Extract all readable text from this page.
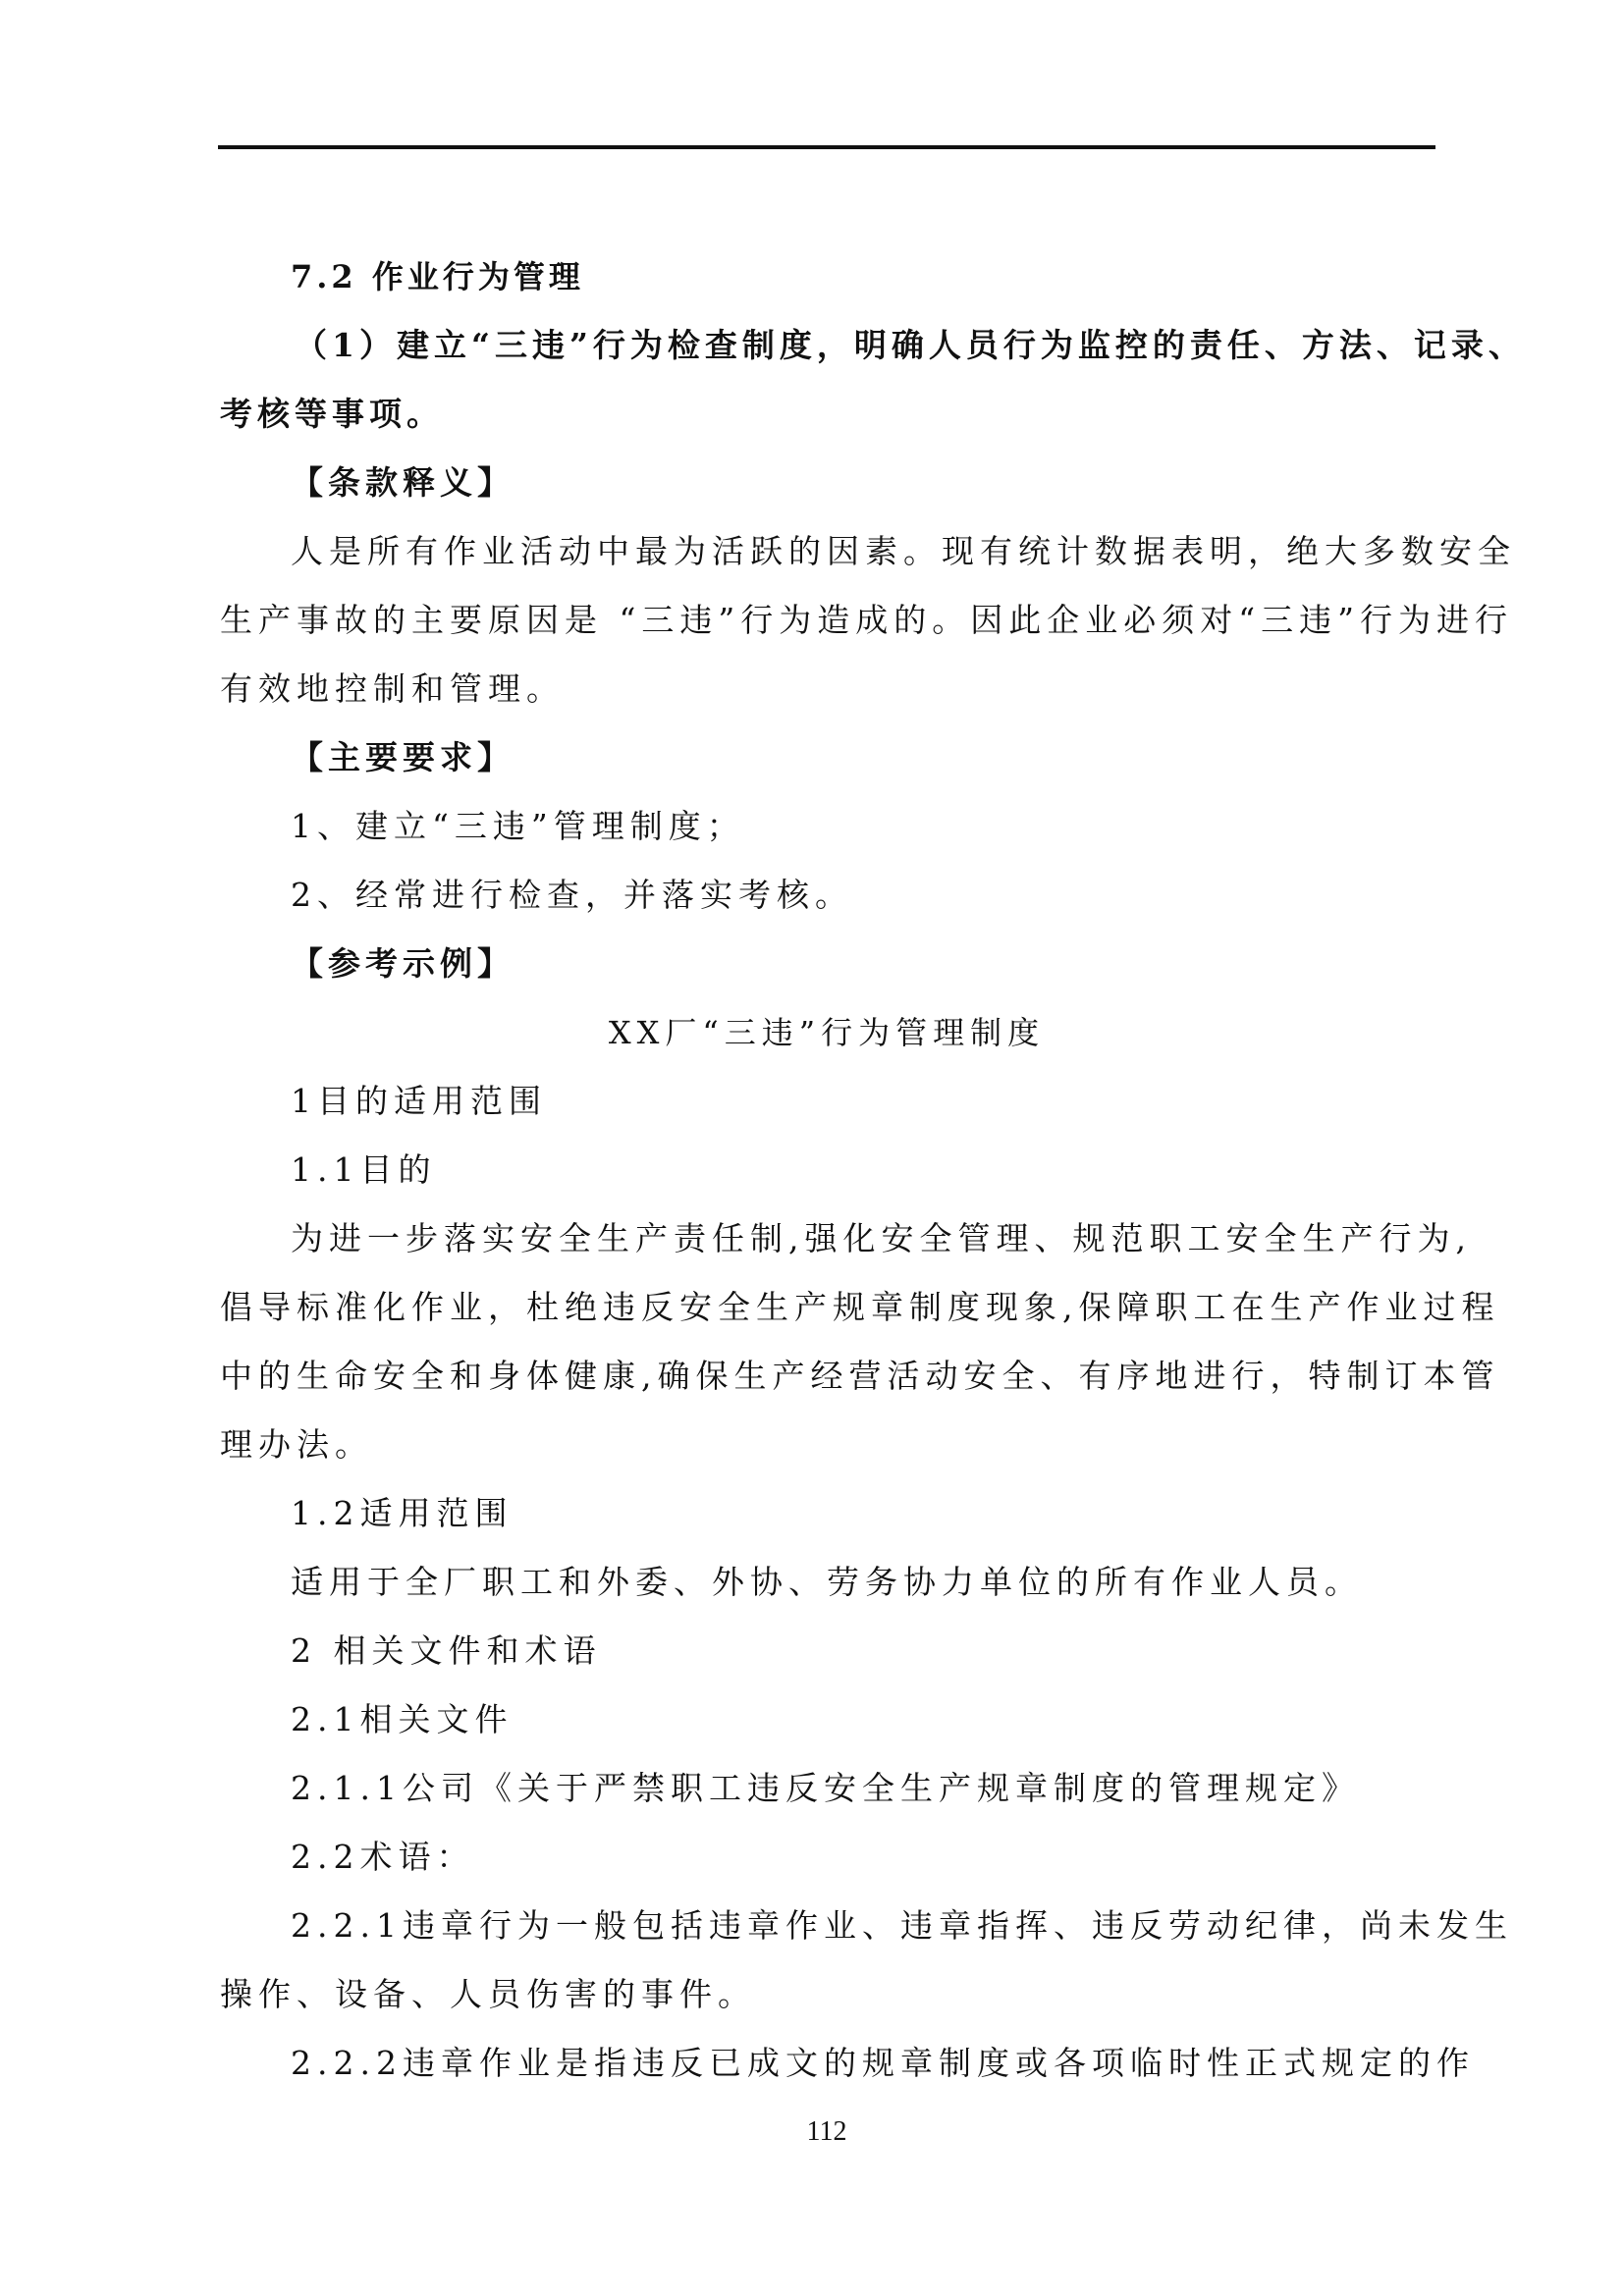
7.2 作业行为管理
（1）建立“三违”行为检查制度，明确人员行为监控的责任、方法、记录、
考核等事项。
【条款释义】
人是所有作业活动中最为活跃的因素。现有统计数据表明，绝大多数安全
生产事故的主要原因是 “三违”行为造成的。因此企业必须对“三违”行为进行
有效地控制和管理。
【主要要求】
1、建立“三违”管理制度；
2、经常进行检查，并落实考核。
【参考示例】
XX厂“三违”行为管理制度
1目的适用范围
1.1目的
为进一步落实安全生产责任制,强化安全管理、规范职工安全生产行为,
倡导标准化作业，杜绝违反安全生产规章制度现象,保障职工在生产作业过程
中的生命安全和身体健康,确保生产经营活动安全、有序地进行，特制订本管
理办法。
1.2适用范围
适用于全厂职工和外委、外协、劳务协力单位的所有作业人员。
2 相关文件和术语
2.1相关文件
2.1.1公司《关于严禁职工违反安全生产规章制度的管理规定》
2.2术语：
2.2.1违章行为一般包括违章作业、违章指挥、违反劳动纪律，尚未发生
操作、设备、人员伤害的事件。
2.2.2违章作业是指违反已成文的规章制度或各项临时性正式规定的作
112
